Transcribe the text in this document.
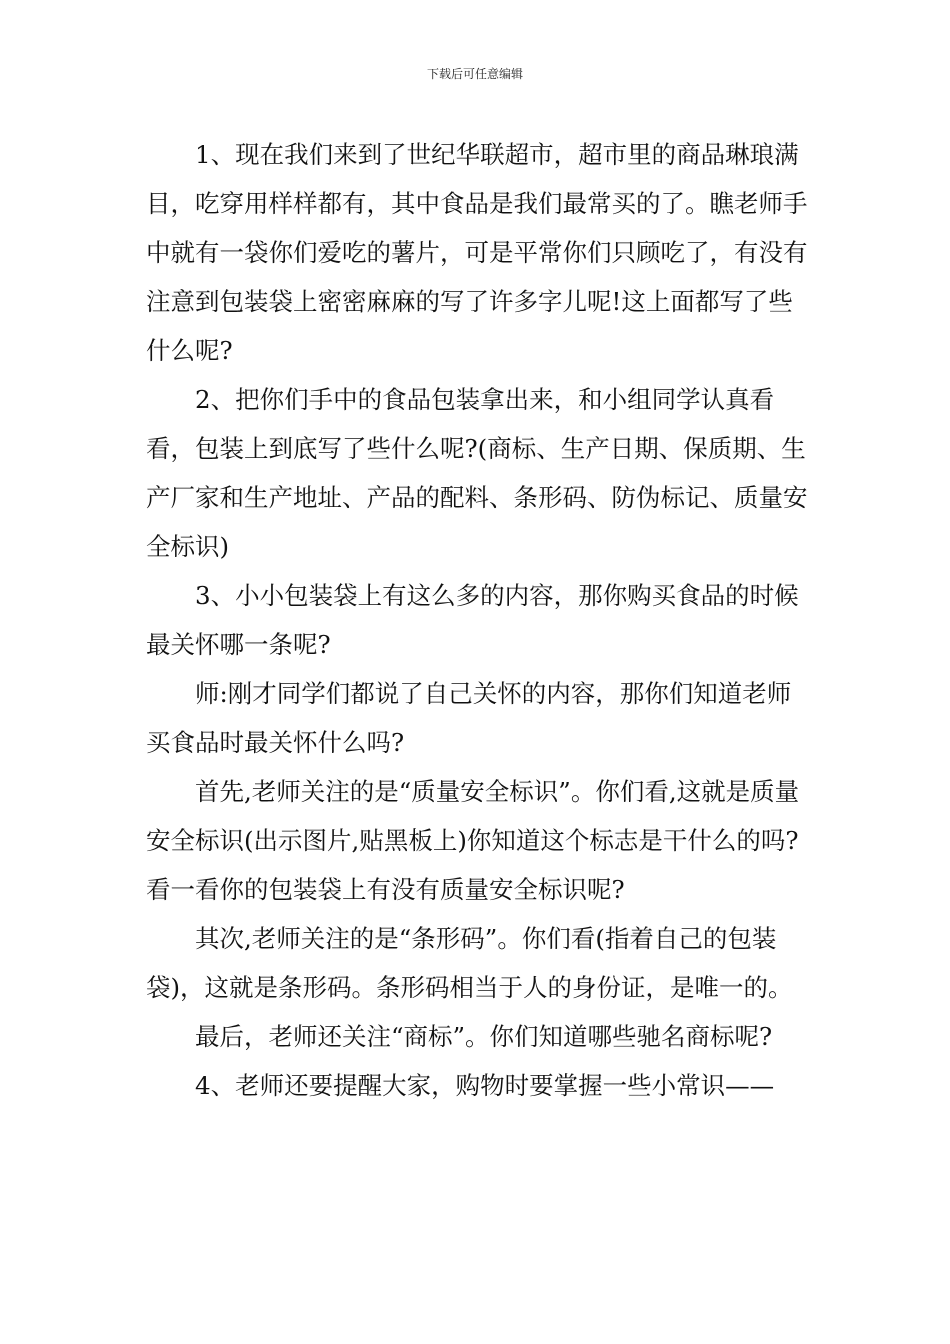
下载后可任意编辑

1、现在我们来到了世纪华联超市，超市里的商品琳琅满目，吃穿用样样都有，其中食品是我们最常买的了。瞧老师手中就有一袋你们爱吃的薯片，可是平常你们只顾吃了，有没有注意到包装袋上密密麻麻的写了许多字儿呢!这上面都写了些什么呢?

2、把你们手中的食品包装拿出来，和小组同学认真看看，包装上到底写了些什么呢?(商标、生产日期、保质期、生产厂家和生产地址、产品的配料、条形码、防伪标记、质量安全标识)

3、小小包装袋上有这么多的内容，那你购买食品的时候最关怀哪一条呢?

师:刚才同学们都说了自己关怀的内容，那你们知道老师买食品时最关怀什么吗?

首先,老师关注的是“质量安全标识”。你们看,这就是质量安全标识(出示图片,贴黑板上)你知道这个标志是干什么的吗?看一看你的包装袋上有没有质量安全标识呢?

其次,老师关注的是“条形码”。你们看(指着自己的包装袋)，这就是条形码。条形码相当于人的身份证，是唯一的。

最后，老师还关注“商标”。你们知道哪些驰名商标呢?

4、老师还要提醒大家，购物时要掌握一些小常识——
